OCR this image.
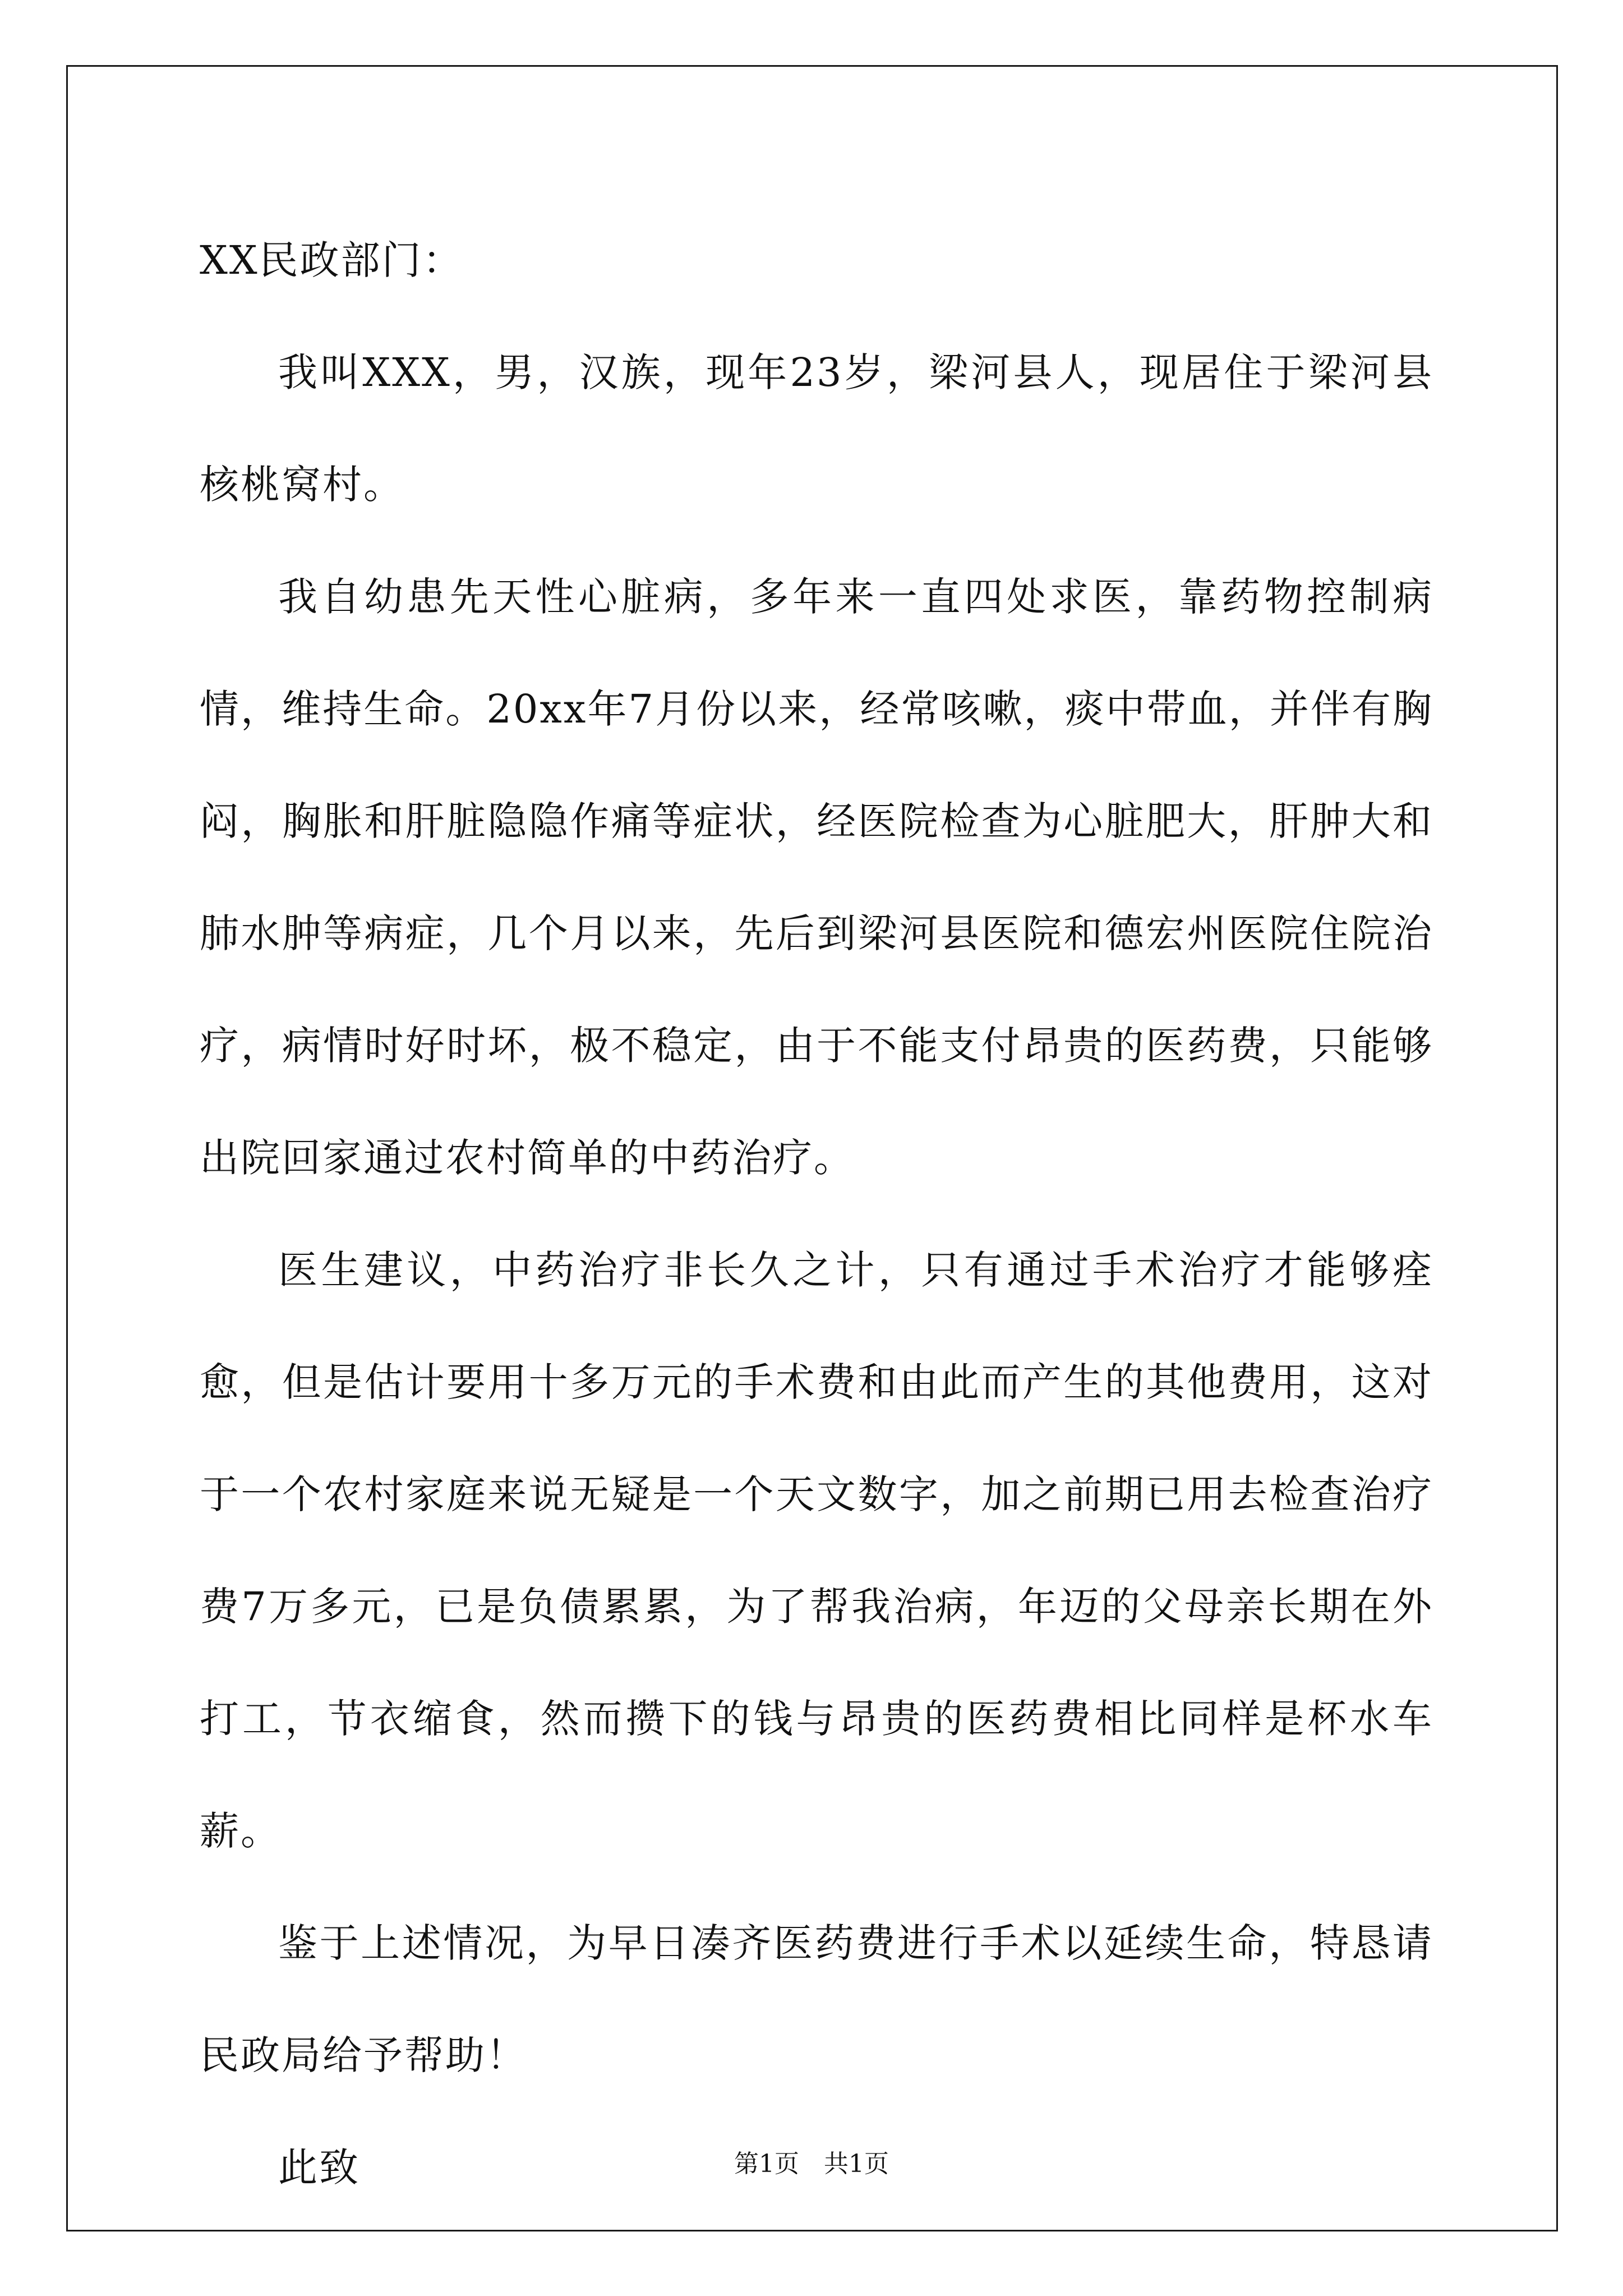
XX民政部门：

我叫XXX，男，汉族，现年23岁，梁河县人，现居住于梁河县核桃窝村。

我自幼患先天性心脏病，多年来一直四处求医，靠药物控制病情，维持生命。20xx年7月份以来，经常咳嗽，痰中带血，并伴有胸闷，胸胀和肝脏隐隐作痛等症状，经医院检查为心脏肥大，肝肿大和肺水肿等病症，几个月以来，先后到梁河县医院和德宏州医院住院治疗，病情时好时坏，极不稳定，由于不能支付昂贵的医药费，只能够出院回家通过农村简单的中药治疗。

医生建议，中药治疗非长久之计，只有通过手术治疗才能够痊愈，但是估计要用十多万元的手术费和由此而产生的其他费用，这对于一个农村家庭来说无疑是一个天文数字，加之前期已用去检查治疗费7万多元，已是负债累累，为了帮我治病，年迈的父母亲长期在外打工，节衣缩食，然而攒下的钱与昂贵的医药费相比同样是杯水车薪。

鉴于上述情况，为早日凑齐医药费进行手术以延续生命，特恳请民政局给予帮助！

此致	第1页　共1页
